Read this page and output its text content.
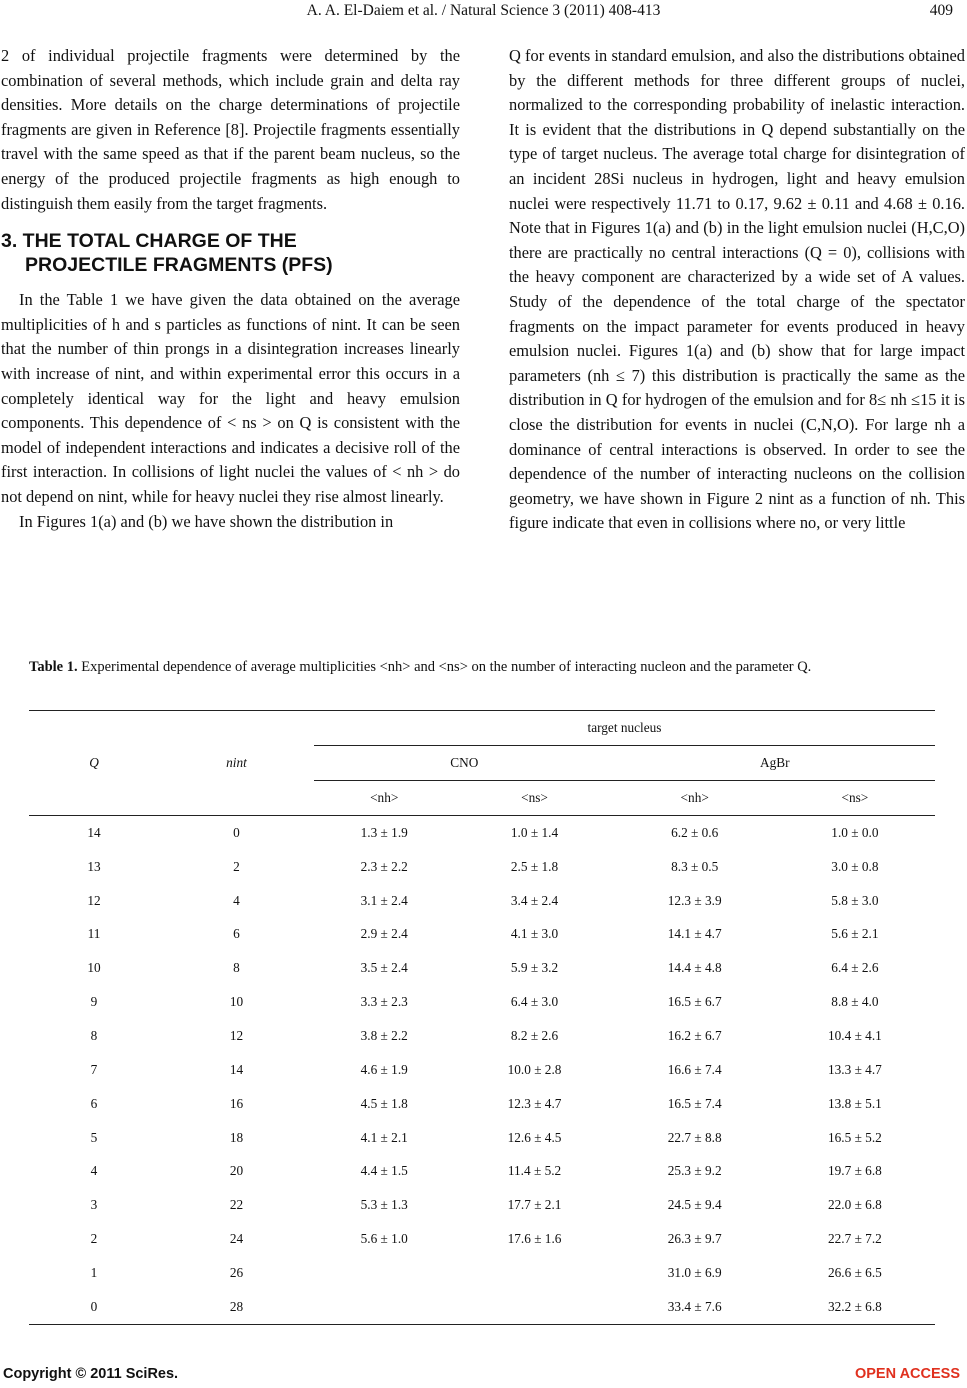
A. A. El-Daiem et al. / Natural Science 3 (2011) 408-413	409

2 of individual projectile fragments were determined by the combination of several methods, which include grain and delta ray densities. More details on the charge determinations of projectile fragments are given in Reference [8]. Projectile fragments essentially travel with the same speed as that if the parent beam nucleus, so the energy of the produced projectile fragments as high enough to distinguish them easily from the target fragments.

3. THE TOTAL CHARGE OF THE
PROJECTILE FRAGMENTS (PFS)

In the Table 1 we have given the data obtained on the average multiplicities of h and s particles as functions of nint. It can be seen that the number of thin prongs in a disintegration increases linearly with increase of nint, and within experimental error this occurs in a completely identical way for the light and heavy emulsion components. This dependence of < ns > on Q is consistent with the model of independent interactions and indicates a decisive roll of the first interaction. In collisions of light nuclei the values of < nh > do not depend on nint, while for heavy nuclei they rise almost linearly.

In Figures 1(a) and (b) we have shown the distribution in

Q for events in standard emulsion, and also the distributions obtained by the different methods for three different groups of nuclei, normalized to the corresponding probability of inelastic interaction. It is evident that the distributions in Q depend substantially on the type of target nucleus. The average total charge for disintegration of an incident 28Si nucleus in hydrogen, light and heavy emulsion nuclei were respectively 11.71 to 0.17, 9.62 ± 0.11 and 4.68 ± 0.16. Note that in Figures 1(a) and (b) in the light emulsion nuclei (H,C,O) there are practically no central interactions (Q = 0), collisions with the heavy component are characterized by a wide set of A values. Study of the dependence of the total charge of the spectator fragments on the impact parameter for events produced in heavy emulsion nuclei. Figures 1(a) and (b) show that for large impact parameters (nh ≤ 7) this distribution is practically the same as the distribution in Q for hydrogen of the emulsion and for 8≤ nh ≤15 it is close the distribution for events in nuclei (C,N,O). For large nh a dominance of central interactions is observed. In order to see the dependence of the number of interacting nucleons on the collision geometry, we have shown in Figure 2 nint as a function of nh. This figure indicate that even in collisions where no, or very little

Table 1. Experimental dependence of average multiplicities <nh> and <ns> on the number of interacting nucleon and the parameter Q.
Q	nint	target nucleus			
		CNO		AgBr	
		<nh>	<ns>	<nh>	<ns>
14	0	1.3 ± 1.9	1.0 ± 1.4	6.2 ± 0.6	1.0 ± 0.0
13	2	2.3 ± 2.2	2.5 ± 1.8	8.3 ± 0.5	3.0 ± 0.8
12	4	3.1 ± 2.4	3.4 ± 2.4	12.3 ± 3.9	5.8 ± 3.0
11	6	2.9 ± 2.4	4.1 ± 3.0	14.1 ± 4.7	5.6 ± 2.1
10	8	3.5 ± 2.4	5.9 ± 3.2	14.4 ± 4.8	6.4 ± 2.6
9	10	3.3 ± 2.3	6.4 ± 3.0	16.5 ± 6.7	8.8 ± 4.0
8	12	3.8 ± 2.2	8.2 ± 2.6	16.2 ± 6.7	10.4 ± 4.1
7	14	4.6 ± 1.9	10.0 ± 2.8	16.6 ± 7.4	13.3 ± 4.7
6	16	4.5 ± 1.8	12.3 ± 4.7	16.5 ± 7.4	13.8 ± 5.1
5	18	4.1 ± 2.1	12.6 ± 4.5	22.7 ± 8.8	16.5 ± 5.2
4	20	4.4 ± 1.5	11.4 ± 5.2	25.3 ± 9.2	19.7 ± 6.8
3	22	5.3 ± 1.3	17.7 ± 2.1	24.5 ± 9.4	22.0 ± 6.8
2	24	5.6 ± 1.0	17.6 ± 1.6	26.3 ± 9.7	22.7 ± 7.2
1	26			31.0 ± 6.9	26.6 ± 6.5
0	28			33.4 ± 7.6	32.2 ± 6.8
Copyright © 2011 SciRes.	OPEN ACCESS
